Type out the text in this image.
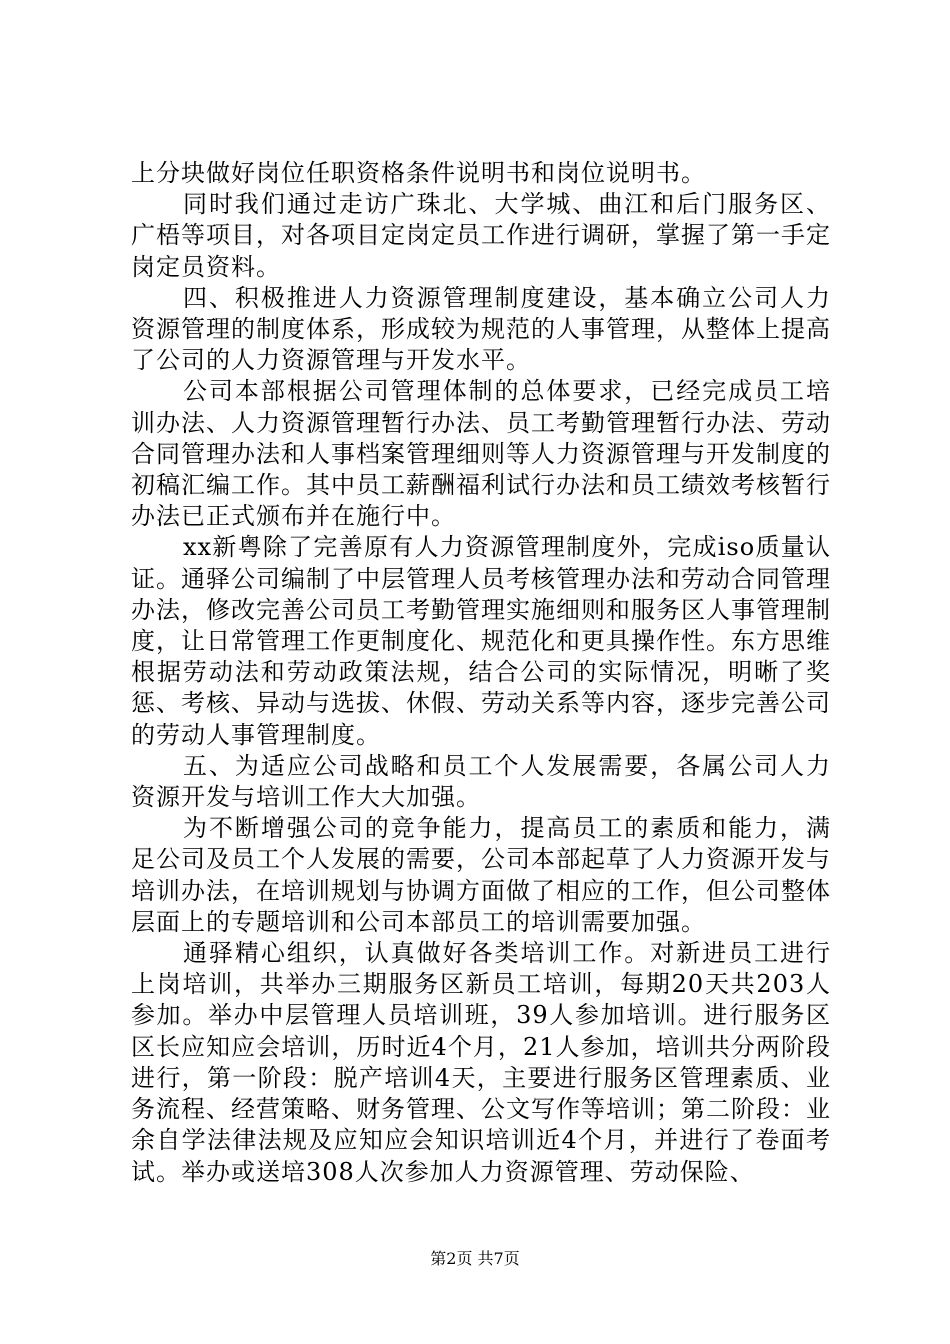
上分块做好岗位任职资格条件说明书和岗位说明书。

同时我们通过走访广珠北、大学城、曲江和后门服务区、广梧等项目，对各项目定岗定员工作进行调研，掌握了第一手定岗定员资料。

四、积极推进人力资源管理制度建设，基本确立公司人力资源管理的制度体系，形成较为规范的人事管理，从整体上提高了公司的人力资源管理与开发水平。

公司本部根据公司管理体制的总体要求，已经完成员工培训办法、人力资源管理暂行办法、员工考勤管理暂行办法、劳动合同管理办法和人事档案管理细则等人力资源管理与开发制度的初稿汇编工作。其中员工薪酬福利试行办法和员工绩效考核暂行办法已正式颁布并在施行中。

xx新粤除了完善原有人力资源管理制度外，完成iso质量认证。通驿公司编制了中层管理人员考核管理办法和劳动合同管理办法，修改完善公司员工考勤管理实施细则和服务区人事管理制度，让日常管理工作更制度化、规范化和更具操作性。东方思维根据劳动法和劳动政策法规，结合公司的实际情况，明晰了奖惩、考核、异动与选拔、休假、劳动关系等内容，逐步完善公司的劳动人事管理制度。

五、为适应公司战略和员工个人发展需要，各属公司人力资源开发与培训工作大大加强。

为不断增强公司的竞争能力，提高员工的素质和能力，满足公司及员工个人发展的需要，公司本部起草了人力资源开发与培训办法，在培训规划与协调方面做了相应的工作，但公司整体层面上的专题培训和公司本部员工的培训需要加强。

通驿精心组织，认真做好各类培训工作。对新进员工进行上岗培训，共举办三期服务区新员工培训，每期20天共203人参加。举办中层管理人员培训班，39人参加培训。进行服务区区长应知应会培训，历时近4个月，21人参加，培训共分两阶段进行，第一阶段：脱产培训4天，主要进行服务区管理素质、业务流程、经营策略、财务管理、公文写作等培训；第二阶段：业余自学法律法规及应知应会知识培训近4个月，并进行了卷面考试。举办或送培308人次参加人力资源管理、劳动保险、

第2页 共7页
